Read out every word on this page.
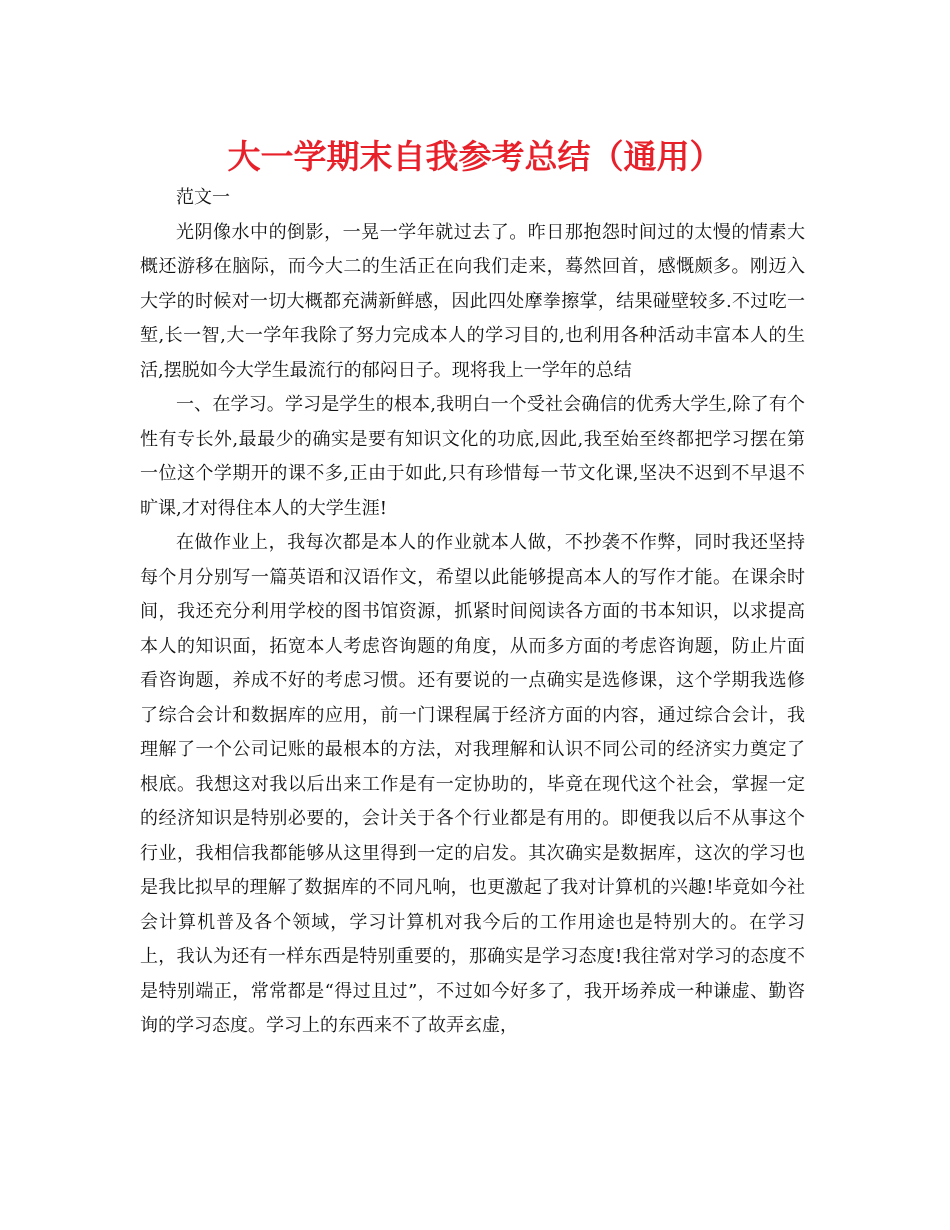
大一学期末自我参考总结（通用）

范文一

光阴像水中的倒影，一晃一学年就过去了。昨日那抱怨时间过的太慢的情素大概还游移在脑际，而今大二的生活正在向我们走来，蓦然回首，感慨颇多。刚迈入大学的时候对一切大概都充满新鲜感，因此四处摩拳擦掌，结果碰壁较多.不过吃一堑,长一智,大一学年我除了努力完成本人的学习目的,也利用各种活动丰富本人的生活,摆脱如今大学生最流行的郁闷日子。现将我上一学年的总结

一、在学习。学习是学生的根本,我明白一个受社会确信的优秀大学生,除了有个性有专长外,最最少的确实是要有知识文化的功底,因此,我至始至终都把学习摆在第一位这个学期开的课不多,正由于如此,只有珍惜每一节文化课,坚决不迟到不早退不旷课,才对得住本人的大学生涯!

在做作业上，我每次都是本人的作业就本人做，不抄袭不作弊，同时我还坚持每个月分别写一篇英语和汉语作文，希望以此能够提高本人的写作才能。在课余时间，我还充分利用学校的图书馆资源，抓紧时间阅读各方面的书本知识，以求提高本人的知识面，拓宽本人考虑咨询题的角度，从而多方面的考虑咨询题，防止片面看咨询题，养成不好的考虑习惯。还有要说的一点确实是选修课，这个学期我选修了综合会计和数据库的应用，前一门课程属于经济方面的内容，通过综合会计，我理解了一个公司记账的最根本的方法，对我理解和认识不同公司的经济实力奠定了根底。我想这对我以后出来工作是有一定协助的，毕竟在现代这个社会，掌握一定的经济知识是特别必要的，会计关于各个行业都是有用的。即便我以后不从事这个行业，我相信我都能够从这里得到一定的启发。其次确实是数据库，这次的学习也是我比拟早的理解了数据库的不同凡响，也更激起了我对计算机的兴趣!毕竟如今社会计算机普及各个领域，学习计算机对我今后的工作用途也是特别大的。在学习上，我认为还有一样东西是特别重要的，那确实是学习态度!我往常对学习的态度不是特别端正，常常都是“得过且过”，不过如今好多了，我开场养成一种谦虚、勤咨询的学习态度。学习上的东西来不了故弄玄虚，
